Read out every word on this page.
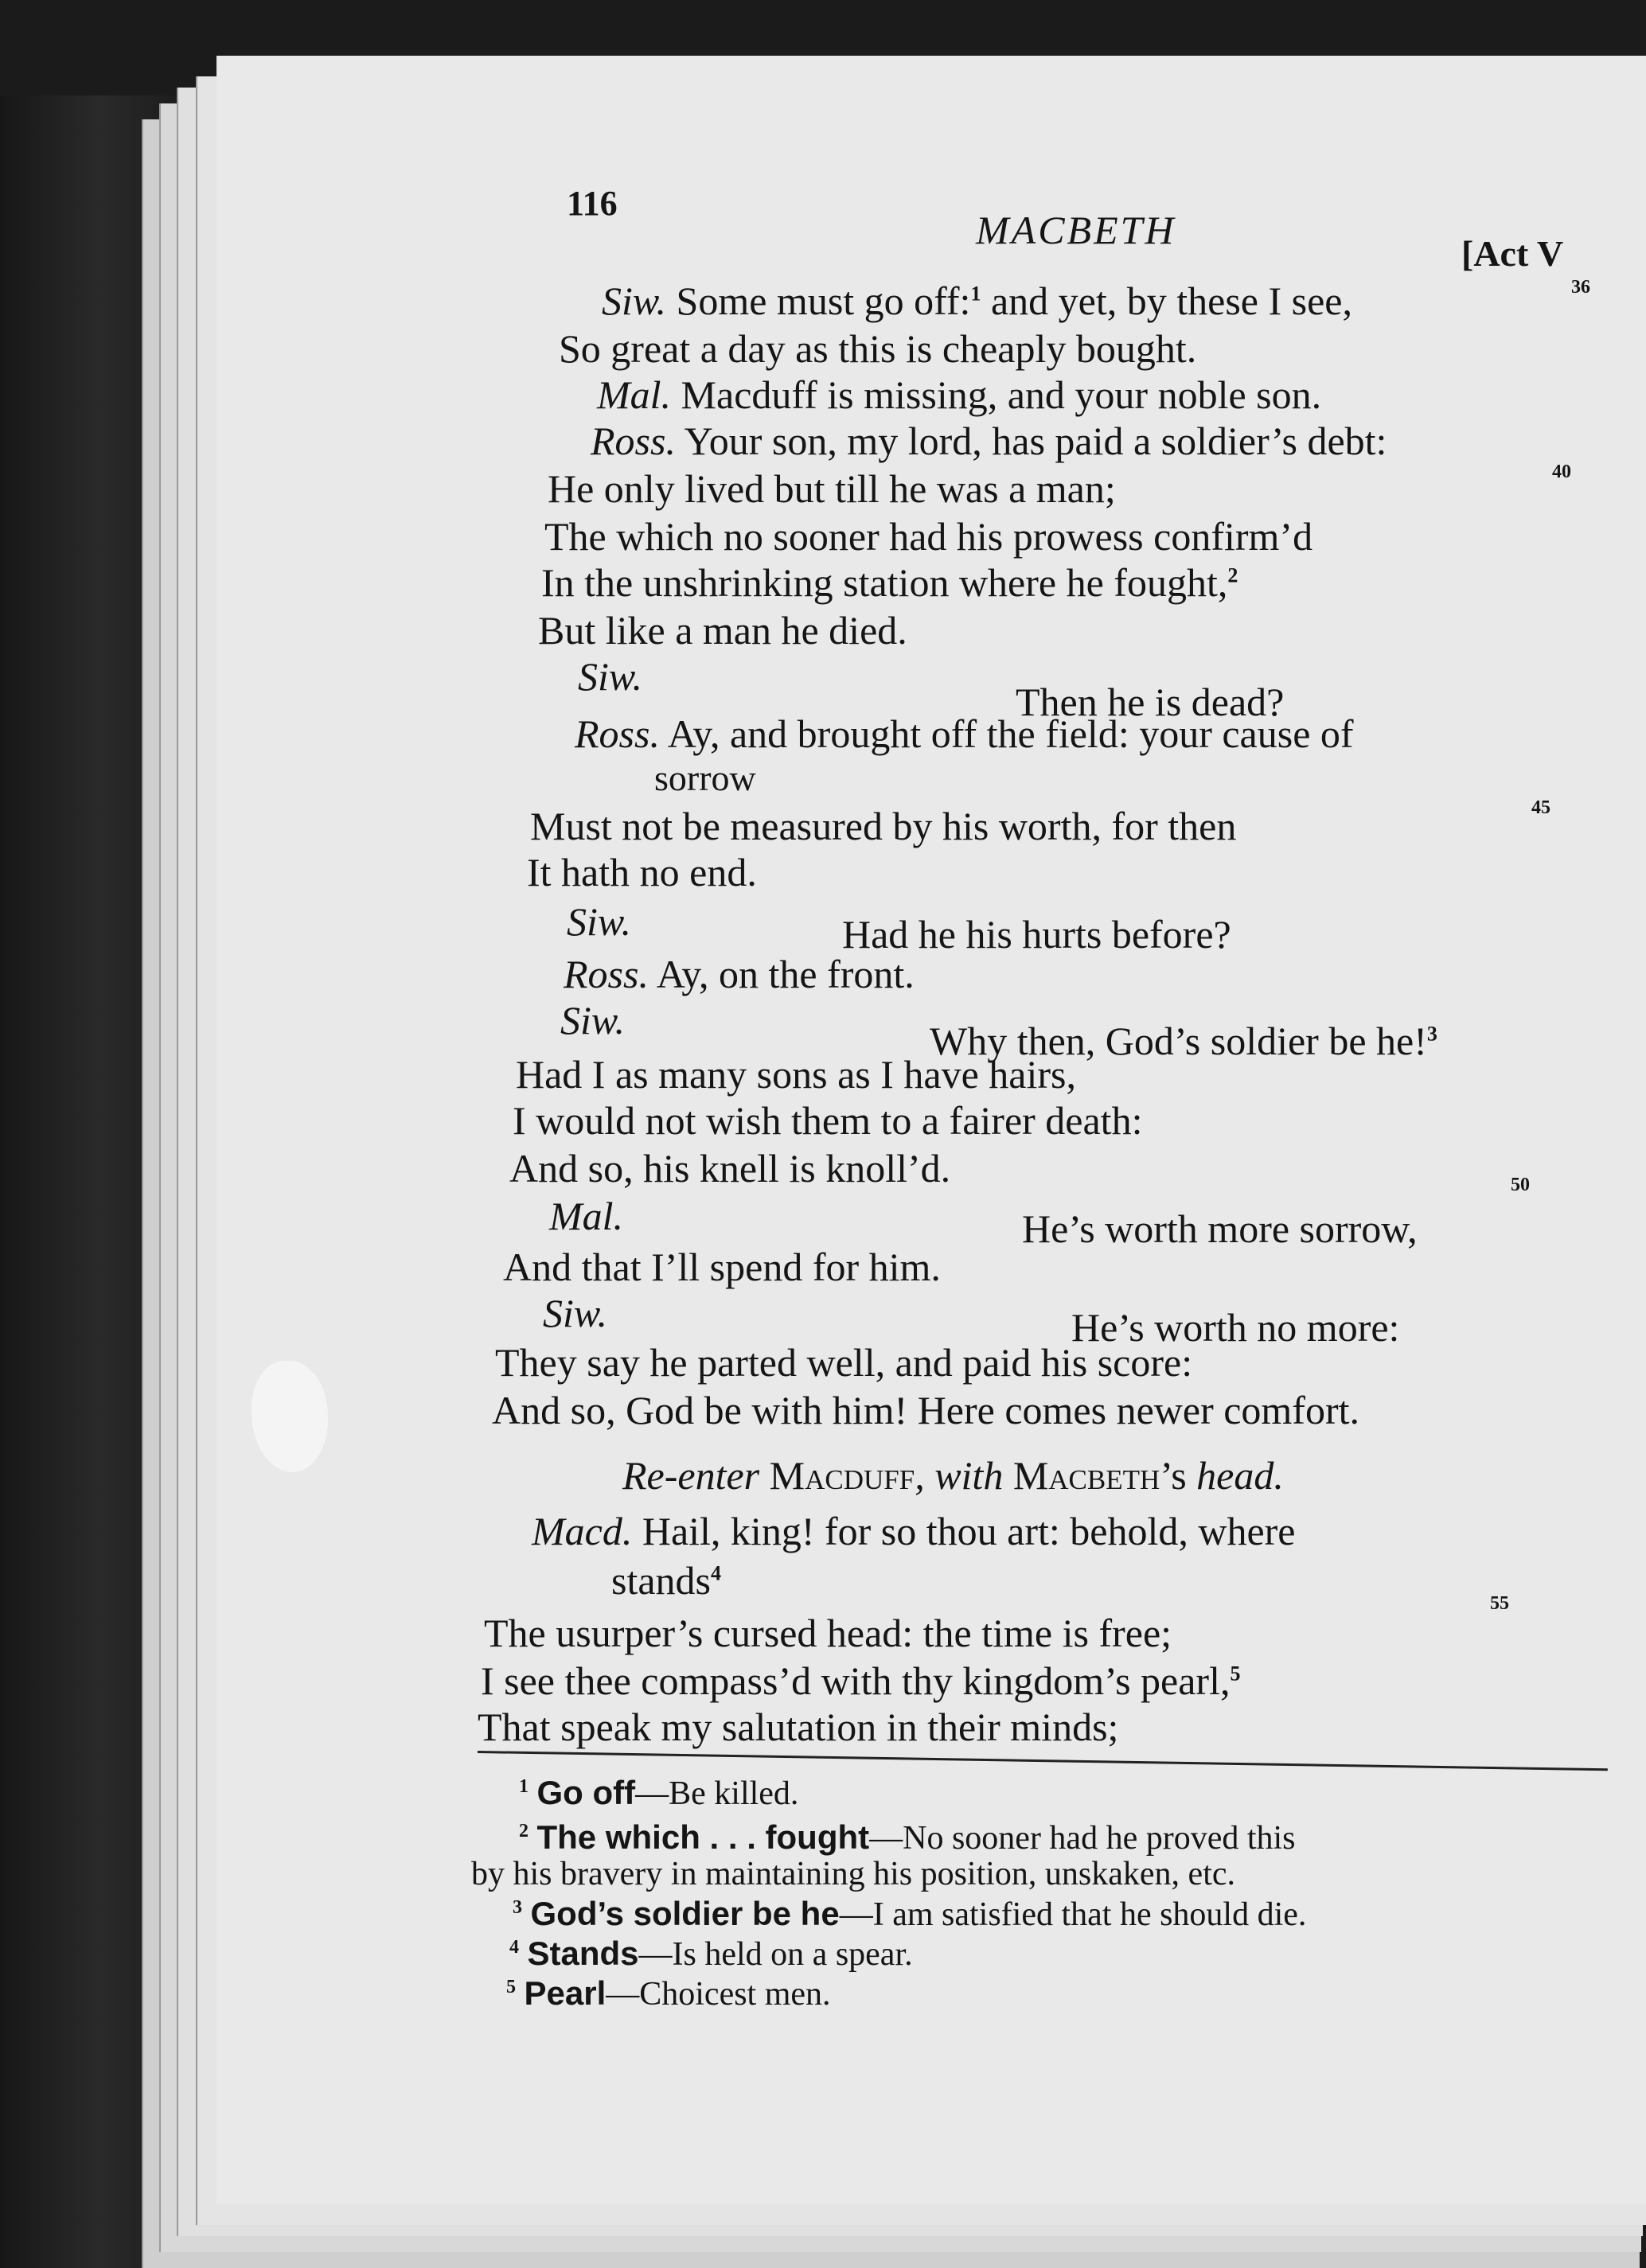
116
MACBETH
[Act V
Siw. Some must go off:$^1$ and yet, by these I see,
So great a day as this is cheaply bought.
Mal. Macduff is missing, and your noble son.
Ross. Your son, my lord, has paid a soldier’s debt:
He only lived but till he was a man;
The which no sooner had his prowess confirm’d
In the unshrinking station where he fought,$^2$
But like a man he died.
Siw.
Then he is dead?
Ross. Ay, and brought off the field: your cause of
sorrow
Must not be measured by his worth, for then
It hath no end.
Siw.	Had he his hurts before?
Ross. Ay, on the front.
Siw.	Why then, God’s soldier be he!$^3$
Had I as many sons as I have hairs,
I would not wish them to a fairer death:
And so, his knell is knoll’d.
Mal.	He’s worth more sorrow,
And that I’ll spend for him.
Siw.	He’s worth no more:
They say he parted well, and paid his score:
And so, God be with him! Here comes newer comfort.
Re-enter Macduff, with Macbeth’s head.
Macd. Hail, king! for so thou art: behold, where
stands$^4$
The usurper’s cursed head: the time is free;
I see thee compass’d with thy kingdom’s pearl,$^5$
That speak my salutation in their minds;
36
40
45
50
55
$^1$ Go off—Be killed.
$^2$ The which . . . fought—No sooner had he proved this
by his bravery in maintaining his position, unskaken, etc.
$^3$ God’s soldier be he—I am satisfied that he should die.
$^4$ Stands—Is held on a spear.
$^5$ Pearl—Choicest men.
